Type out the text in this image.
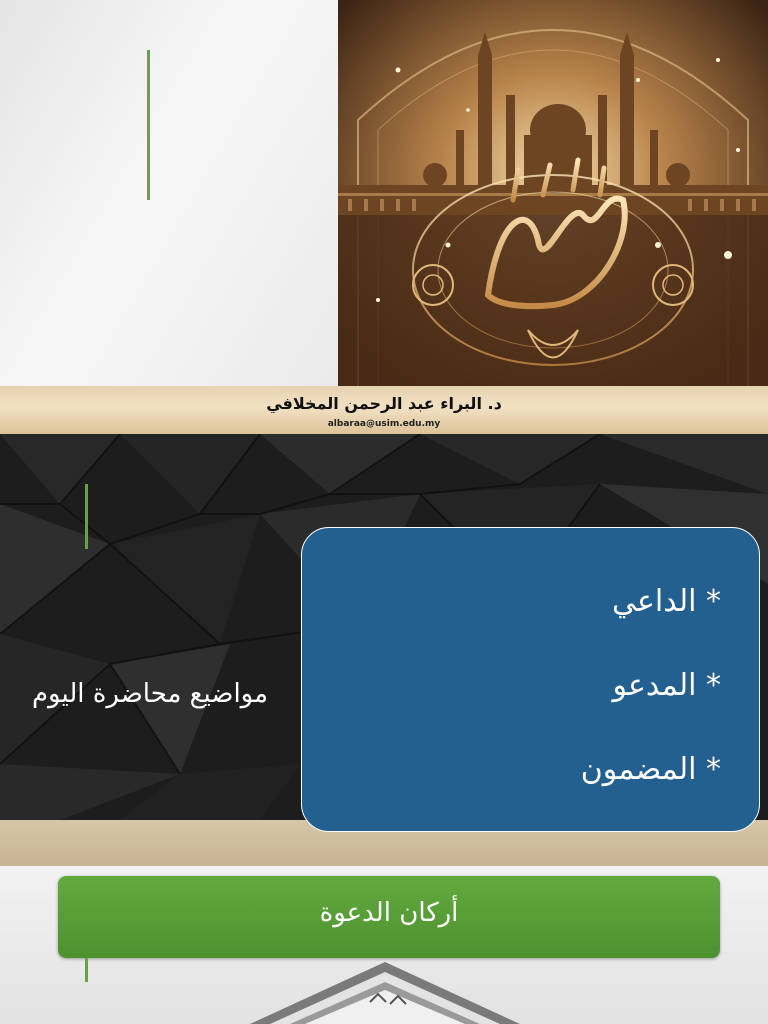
د. البراء عبد الرحمن المخلافي
albaraa@usim.edu.my
مواضيع محاضرة اليوم
* الداعي
* المدعو
* المضمون
أركان الدعوة
